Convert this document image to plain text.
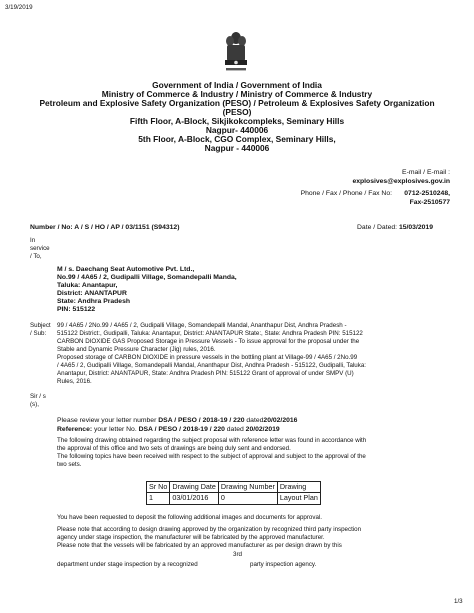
3/19/2019

Government of India / Government of India

Ministry of Commerce & Industry / Ministry of Commerce & Industry

Petroleum and Explosive Safety Organization (PESO) / Petroleum & Explosives Safety Organization

(PESO)

Fifth Floor, A-Block, Sikjikokcompleks, Seminary Hills

Nagpur- 440006

5th Floor, A-Block, CGO Complex, Seminary Hills,

Nagpur - 440006

E-mail / E-mail :

explosives@explosives.gov.in

Phone / Fax / Phone / Fax No: 0712-2510248,

Fax-2510577

Number / No: A / S / HO / AP / 03/1151 (S94312)	Date / Dated: 15/03/2019

In

service

/ To,

M / s. Daechang Seat Automotive Pvt. Ltd.,

No.99 / 4A65 / 2, Gudipalli Village, Somandepalli Manda,

Taluka: Anantapur,

District: ANANTAPUR

State: Andhra Pradesh

PIN: 515122

Subject

/ Sub:

99 / 4A65 / 2No.99 / 4A65 / 2, Gudipalli Village, Somandepalli Mandal, Ananthapur Dist, Andhra Pradesh -

515122 District:, Gudipalli, Taluka: Anantapur, District: ANANTAPUR State:, State: Andhra Pradesh PIN: 515122

CARBON DIOXIDE GAS Proposed Storage in Pressure Vessels - To issue approval for the proposal under the

Stable and Dynamic Pressure Character (Jig) rules, 2016.

Proposed storage of CARBON DIOXIDE in pressure vessels in the bottling plant at Village-99 / 4A65 / 2No.99

/ 4A65 / 2, Gudipalli Village, Somandepalli Mandal, Ananthapur Dist, Andhra Pradesh - 515122, Gudipalli, Taluka:

Anantapur, District: ANANTAPUR, State: Andhra Pradesh PIN: 515122 Grant of approval of under SMPV (U)

Rules, 2016.

Sir / s

(s),

Please review your letter number DSA / PESO / 2018-19 / 220 dated20/02/2016

Reference: your letter No. DSA / PESO / 2018-19 / 220 dated 20/02/2019

The following drawing obtained regarding the subject proposal with reference letter was found in accordance with

the approval of this office and two sets of drawings are being duly sent and endorsed.

The following topics have been received with respect to the subject of approval and subject to the approval of the

two sets.

Sr No	Drawing Date	Drawing Number	Drawing
1	03/01/2016	0	Layout Plan

You have been requested to deposit the following additional images and documents for approval.

Please note that according to design drawing approved by the organization by recognized third party inspection

agency under stage inspection, the manufacturer will be fabricated by the approved manufacturer.

Please note that the vessels will be fabricated by an approved manufacturer as per design drawn by this

3rd

department under stage inspection by a recognized	party inspection agency.

1/3
